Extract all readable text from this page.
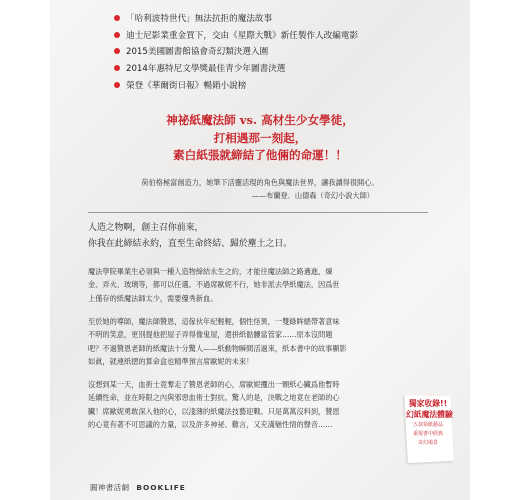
「哈利波特世代」無法抗拒的魔法故事
迪士尼影業重金買下，交由《星際大戰》新任製作人改編電影
2015美國圖書館協會奇幻類決選入圍
2014年惠特尼文學獎最佳青少年圖書決選
榮登《華爾街日報》暢銷小說榜
神祕紙魔法師 vs. 高材生少女學徒，
打相遇那一刻起，
素白紙張就締結了他倆的命運！！
荷伯格極富創造力，她筆下活靈活現的角色與魔法世界，讓我讀得很開心。
——布蘭登．山德森（奇幻小說大師）
人造之物啊，創主召你前來，
你我在此締結永約，直至生命終結、歸於塵土之日。
魔法學院畢業生必須與一種人造物締結永生之約，才能往魔法師之路邁進，煉
金、弄火、玻璃等，都可以任選。不過席歐妮不行，她非派去學紙魔法，因爲世
上僅存的紙魔法師太少，需要優秀新血。
至於她的導師，魔法師贊恩，這傢伙年紀輕輕，個性怪異，一雙綠眸總帶著意味
不明的笑意，更別提他把屋子弄得像鬼屋，還拼紙骷髏當管家……原本沒問題
吧？不過贊恩老師的紙魔法十分驚人——紙動物瞬間活過來，紙本書中的故事顯影
如眞，就連紙摺的算命盒也精準預言席歐妮的未來！
沒想到某一天，血術士竟奪走了贊恩老師的心，席歐妮攫出一顆紙心臟爲他暫時
延續性命，並在時限之內與邪惡血術士對抗。驚人的是，決戰之地竟在老師的心
臟！席歐妮勇敢深入他的心，以淺薄的紙魔法技藝迎戰。只是萬萬沒料到，贊恩
的心竟有著不可思議的力量，以及許多神祕、難言，又充滿魅性情的聲音……
獨家收錄!!
幻紙魔法體驗
五款領紙藝品
重現書中經典
奇幻場景
圓神書活網 BOOKLIFE
